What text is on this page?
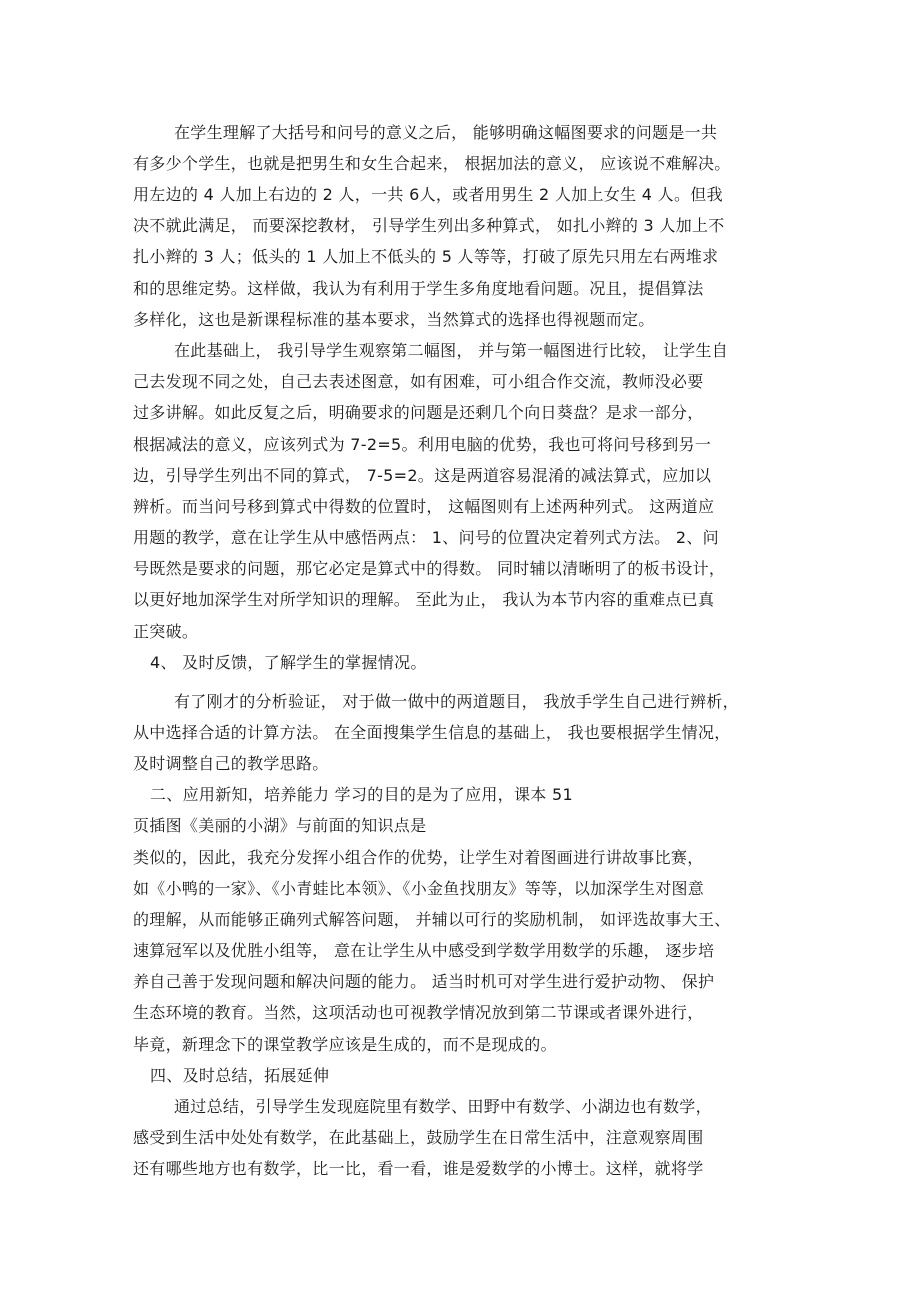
在学生理解了大括号和问号的意义之后， 能够明确这幅图要求的问题是一共
有多少个学生，也就是把男生和女生合起来， 根据加法的意义， 应该说不难解决。
用左边的 4 人加上右边的 2 人，一共 6人，或者用男生 2 人加上女生 4 人。但我
决不就此满足， 而要深挖教材， 引导学生列出多种算式， 如扎小辫的 3 人加上不
扎小辫的 3 人；低头的 1 人加上不低头的 5 人等等，打破了原先只用左右两堆求
和的思维定势。这样做，我认为有利用于学生多角度地看问题。况且，提倡算法
多样化，这也是新课程标准的基本要求，当然算式的选择也得视题而定。
在此基础上， 我引导学生观察第二幅图， 并与第一幅图进行比较， 让学生自
己去发现不同之处，自己去表述图意，如有困难，可小组合作交流，教师没必要
过多讲解。如此反复之后，明确要求的问题是还剩几个向日葵盘？是求一部分，
根据减法的意义，应该列式为 7-2=5。利用电脑的优势，我也可将问号移到另一
边，引导学生列出不同的算式， 7-5=2。这是两道容易混淆的减法算式，应加以
辨析。而当问号移到算式中得数的位置时， 这幅图则有上述两种列式。 这两道应
用题的教学，意在让学生从中感悟两点： 1、问号的位置决定着列式方法。 2、问
号既然是要求的问题，那它必定是算式中的得数。 同时辅以清晰明了的板书设计，
以更好地加深学生对所学知识的理解。 至此为止， 我认为本节内容的重难点已真
正突破。
4、 及时反馈，了解学生的掌握情况。
有了刚才的分析验证， 对于做一做中的两道题目， 我放手学生自己进行辨析，
从中选择合适的计算方法。 在全面搜集学生信息的基础上， 我也要根据学生情况，
及时调整自己的教学思路。
二、应用新知，培养能力 学习的目的是为了应用，课本 51
页插图《美丽的小湖》与前面的知识点是
类似的，因此，我充分发挥小组合作的优势，让学生对着图画进行讲故事比赛，
如《小鸭的一家》、《小青蛙比本领》、《小金鱼找朋友》等等，以加深学生对图意
的理解，从而能够正确列式解答问题， 并辅以可行的奖励机制， 如评选故事大王、
速算冠军以及优胜小组等， 意在让学生从中感受到学数学用数学的乐趣， 逐步培
养自己善于发现问题和解决问题的能力。 适当时机可对学生进行爱护动物、 保护
生态环境的教育。当然，这项活动也可视教学情况放到第二节课或者课外进行，
毕竟，新理念下的课堂教学应该是生成的，而不是现成的。
四、及时总结，拓展延伸
通过总结，引导学生发现庭院里有数学、田野中有数学、小湖边也有数学，
感受到生活中处处有数学，在此基础上，鼓励学生在日常生活中，注意观察周围
还有哪些地方也有数学，比一比，看一看，谁是爱数学的小博士。这样，就将学
